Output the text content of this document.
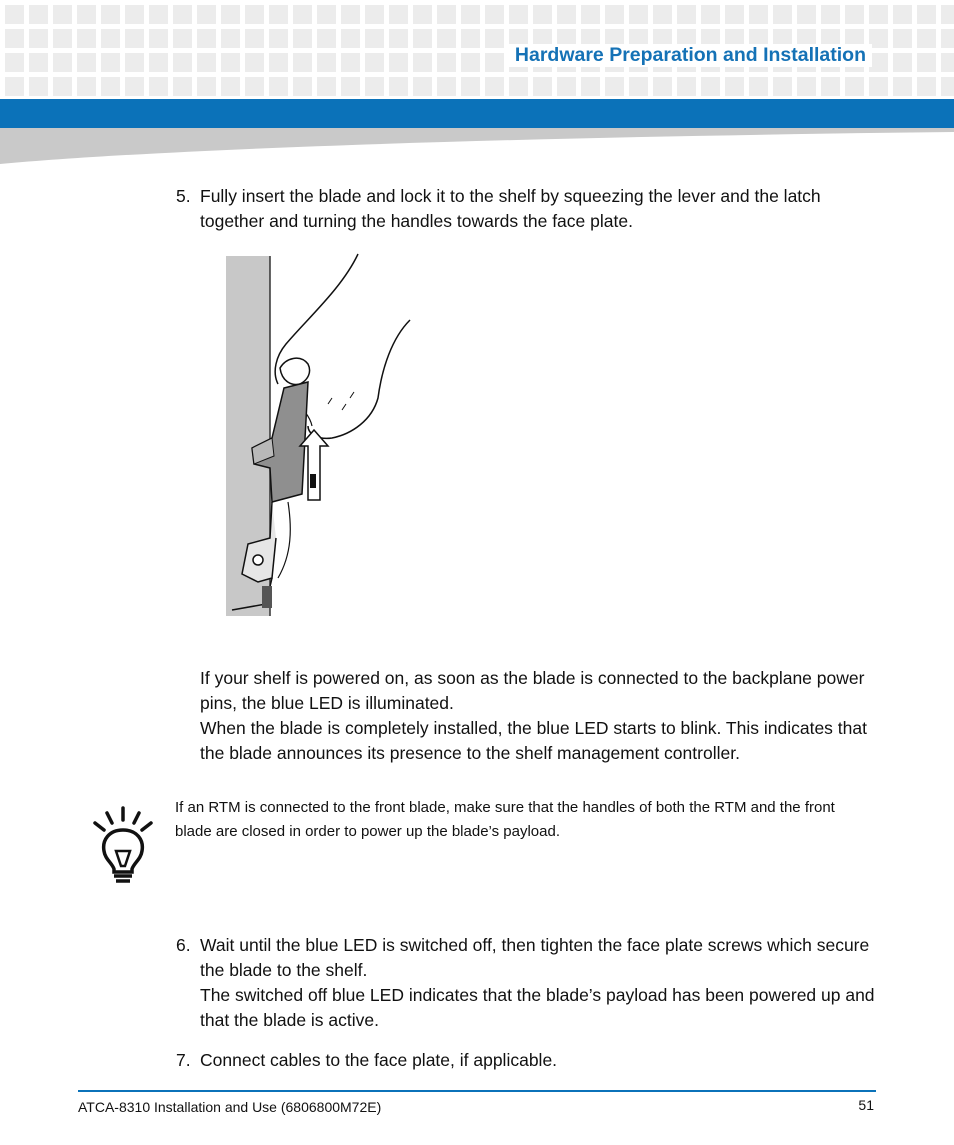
Hardware Preparation and Installation
5. Fully insert the blade and lock it to the shelf by squeezing the lever and the latch together and turning the handles towards the face plate.

If your shelf is powered on, as soon as the blade is connected to the backplane power pins, the blue LED is illuminated.

When the blade is completely installed, the blue LED starts to blink. This indicates that the blade announces its presence to the shelf management controller.

If an RTM is connected to the front blade, make sure that the handles of both the RTM and the front blade are closed in order to power up the blade’s payload.
6. Wait until the blue LED is switched off, then tighten the face plate screws which secure the blade to the shelf.
The switched off blue LED indicates that the blade’s payload has been powered up and that the blade is active.
7. Connect cables to the face plate, if applicable.
ATCA-8310 Installation and Use (6806800M72E)	51
